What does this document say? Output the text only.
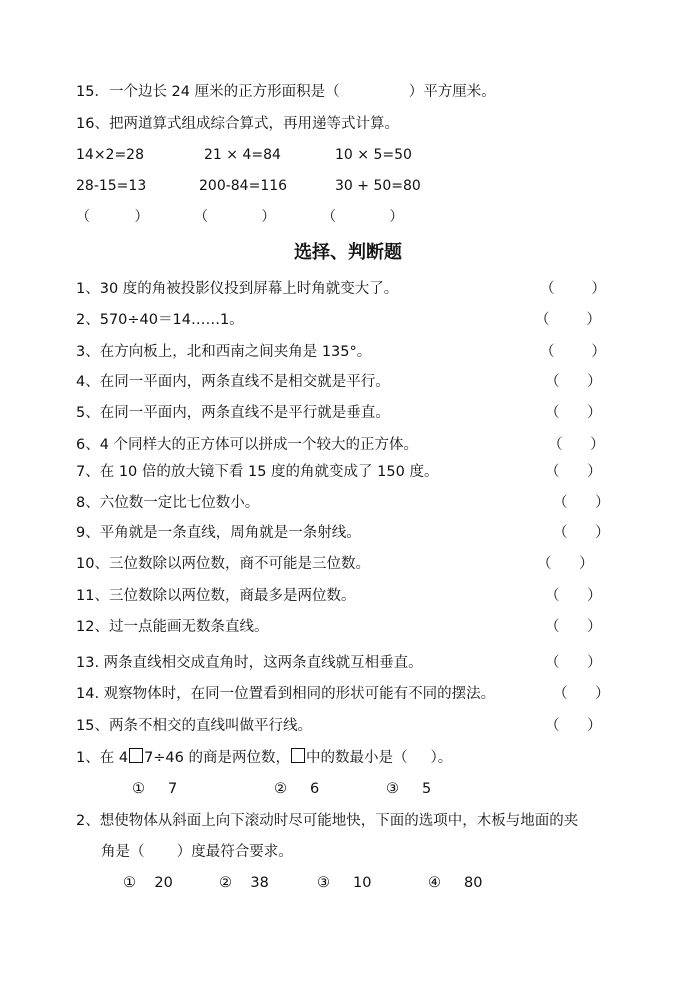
15．一个边长 24 厘米的正方形面积是（               ）平方厘米。
16、把两道算式组成综合算式，再用递等式计算。
14×2=28	21 × 4=84	10 × 5=50
28-15=13	200-84=116	30 + 50=80
（          ）	（            ）	（            ）
选择、判断题
1、30 度的角被投影仪投到屏幕上时角就变大了。	（        ）
2、570÷40＝14……1。	（        ）
3、在方向板上，北和西南之间夹角是 135°。	（        ）
4、在同一平面内，两条直线不是相交就是平行。	（      ）
5、在同一平面内，两条直线不是平行就是垂直。	（      ）
6、4 个同样大的正方体可以拼成一个较大的正方体。	（      ）
7、在 10 倍的放大镜下看 15 度的角就变成了 150 度。	（      ）
8、六位数一定比七位数小。	（      ）
9、平角就是一条直线，周角就是一条射线。	（      ）
10、三位数除以两位数，商不可能是三位数。	（      ）
11、三位数除以两位数，商最多是两位数。	（      ）
12、过一点能画无数条直线。	（      ）
13. 两条直线相交成直角时，这两条直线就互相垂直。	（      ）
14. 观察物体时，在同一位置看到相同的形状可能有不同的摆法。	（      ）
15、两条不相交的直线叫做平行线。	（      ）
1、在 4 7÷46 的商是两位数， 中的数最小是（     ）。
①     7	②     6	③     5
2、想使物体从斜面上向下滚动时尽可能地快，下面的选项中，木板与地面的夹
角是（       ）度最符合要求。
①    20	②    38	③     10	④     80
